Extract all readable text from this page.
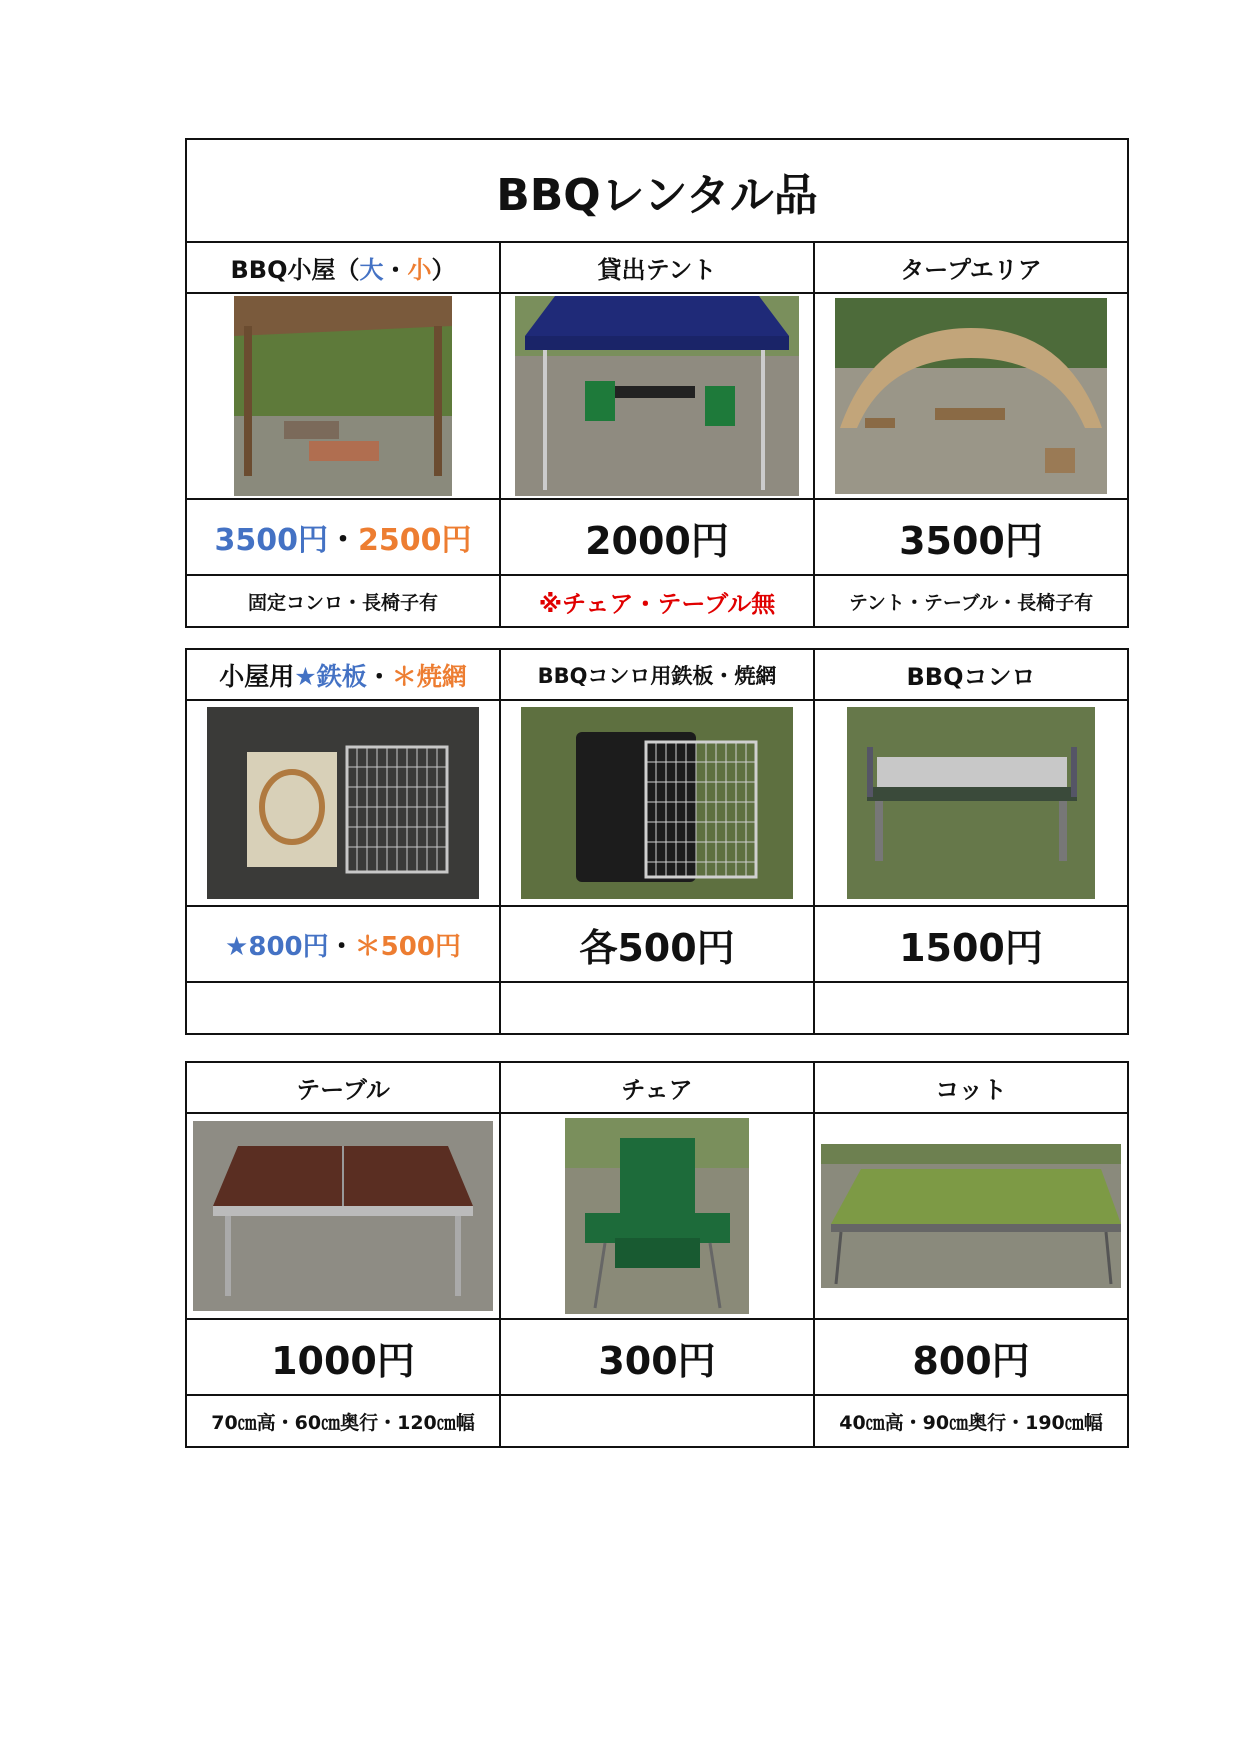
BBQレンタル品		
BBQ小屋（大・小）	貸出テント	タープエリア

3500円・2500円	2000円	3500円
固定コンロ・長椅子有	※チェア・テーブル無	テント・テーブル・長椅子有
小屋用★鉄板・＊焼網	BBQコンロ用鉄板・焼網	BBQコンロ

★800円・＊500円	各500円	1500円

テーブル	チェア	コット

1000円	300円	800円
70㎝高・60㎝奥行・120㎝幅		40㎝高・90㎝奥行・190㎝幅
